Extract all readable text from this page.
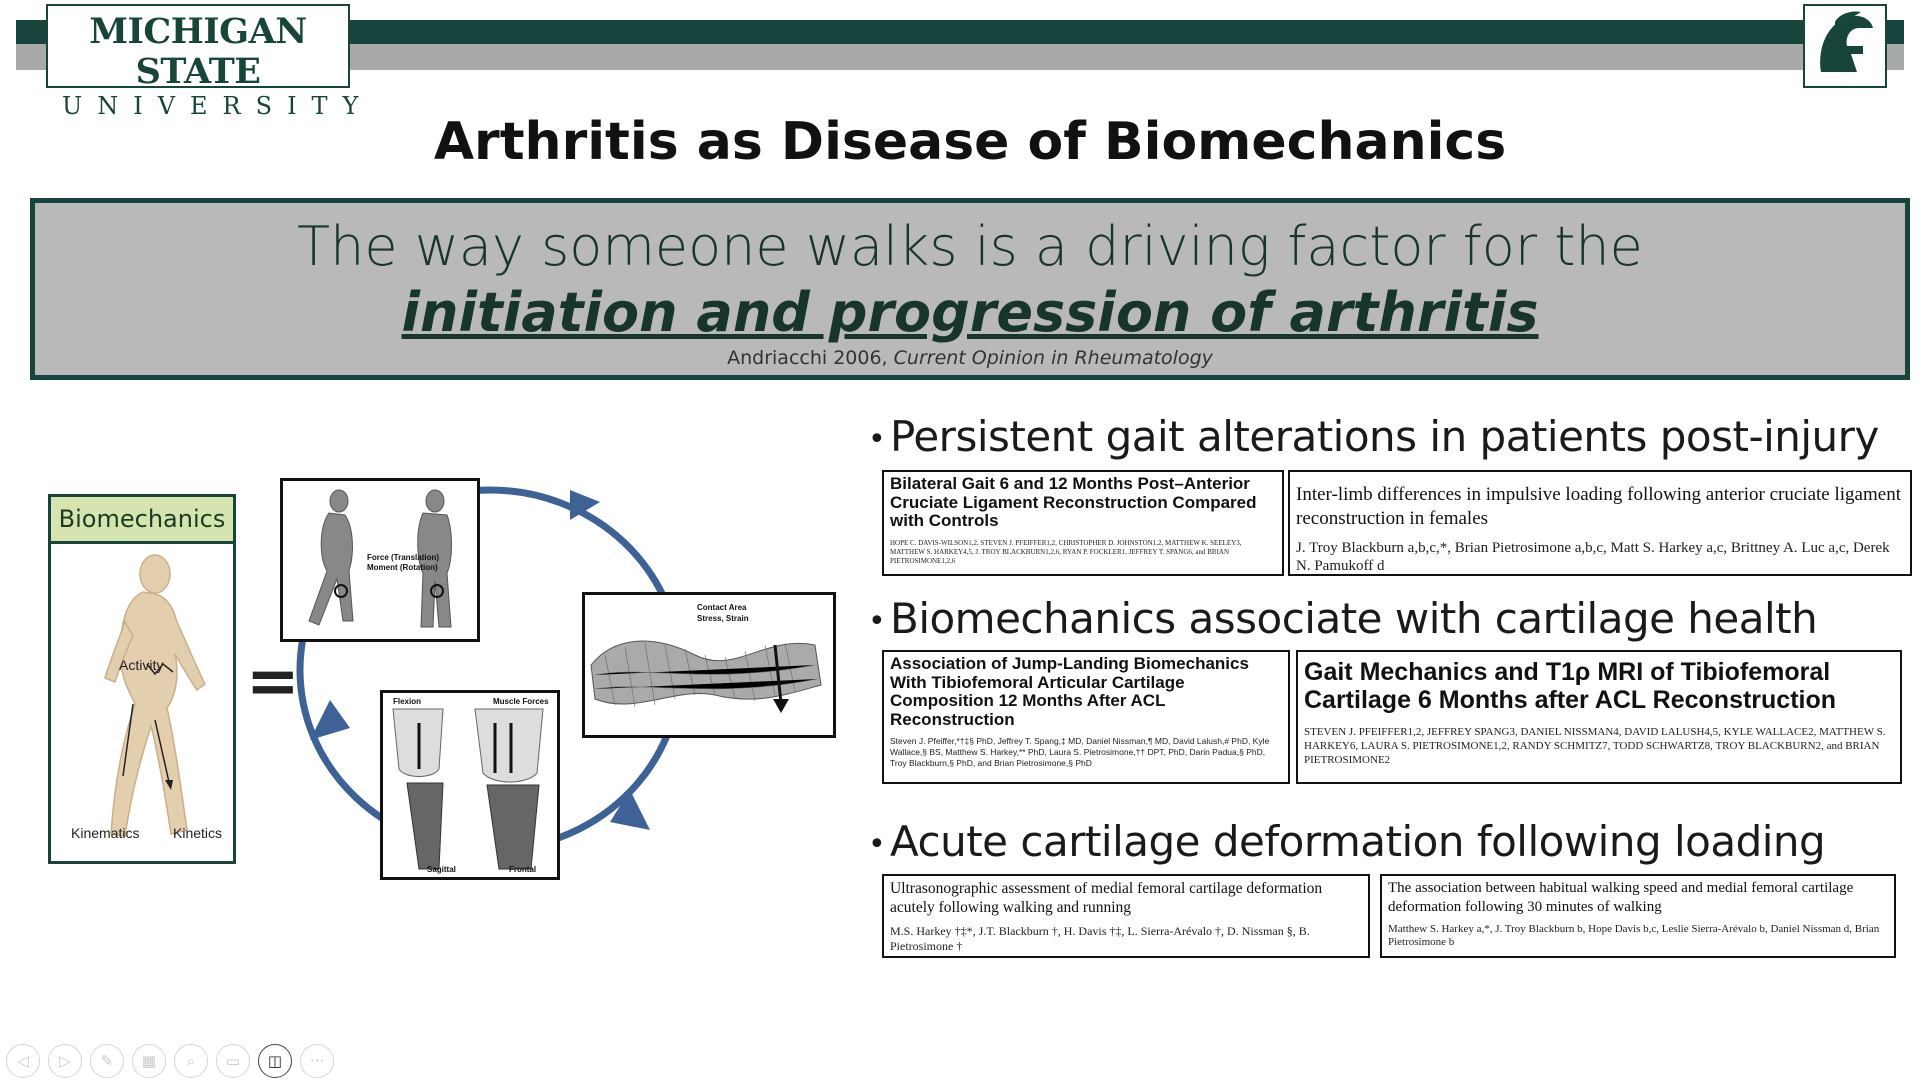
MICHIGAN STATE
UNIVERSITY
Arthritis as Disease of Biomechanics
The way someone walks is a driving factor for the
initiation and progression of arthritis
Andriacchi 2006, Current Opinion in Rheumatology
Biomechanics
Activity
Kinematics Kinetics
=
Force (Translation)
Moment (Rotation)
Contact Area
Stress, Strain
Flexion	Muscle Forces
Sagittal	Frontal
• Persistent gait alterations in patients post-injury
• Biomechanics associate with cartilage health
• Acute cartilage deformation following loading
Bilateral Gait 6 and 12 Months Post–Anterior Cruciate Ligament Reconstruction Compared with Controls
HOPE C. DAVIS-WILSON1,2, STEVEN J. PFEIFFER1,2, CHRISTOPHER D. JOHNSTON1,2, MATTHEW K. SEELEY3, MATTHEW S. HARKEY4,5, J. TROY BLACKBURN1,2,6, RYAN P. FOCKLER1, JEFFREY T. SPANG6, and BRIAN PIETROSIMONE1,2,6
Inter-limb differences in impulsive loading following anterior cruciate ligament reconstruction in females
J. Troy Blackburn a,b,c,*, Brian Pietrosimone a,b,c, Matt S. Harkey a,c, Brittney A. Luc a,c, Derek N. Pamukoff d
Association of Jump-Landing Biomechanics With Tibiofemoral Articular Cartilage Composition 12 Months After ACL Reconstruction
Steven J. Pfeiffer,*†‡§ PhD, Jeffrey T. Spang,‡ MD, Daniel Nissman,¶ MD, David Lalush,# PhD, Kyle Wallace,§ BS, Matthew S. Harkey,** PhD, Laura S. Pietrosimone,†† DPT, PhD, Darin Padua,§ PhD, Troy Blackburn,§ PhD, and Brian Pietrosimone,§ PhD
Gait Mechanics and T1ρ MRI of Tibiofemoral Cartilage 6 Months after ACL Reconstruction
STEVEN J. PFEIFFER1,2, JEFFREY SPANG3, DANIEL NISSMAN4, DAVID LALUSH4,5, KYLE WALLACE2, MATTHEW S. HARKEY6, LAURA S. PIETROSIMONE1,2, RANDY SCHMITZ7, TODD SCHWARTZ8, TROY BLACKBURN2, and BRIAN PIETROSIMONE2
Ultrasonographic assessment of medial femoral cartilage deformation acutely following walking and running
M.S. Harkey †‡*, J.T. Blackburn †, H. Davis †‡, L. Sierra-Arévalo †, D. Nissman §, B. Pietrosimone †
The association between habitual walking speed and medial femoral cartilage deformation following 30 minutes of walking
Matthew S. Harkey a,*, J. Troy Blackburn b, Hope Davis b,c, Leslie Sierra-Arévalo b, Daniel Nissman d, Brian Pietrosimone b
◁	▷	✎	▦	⌕	▭	◫	···
